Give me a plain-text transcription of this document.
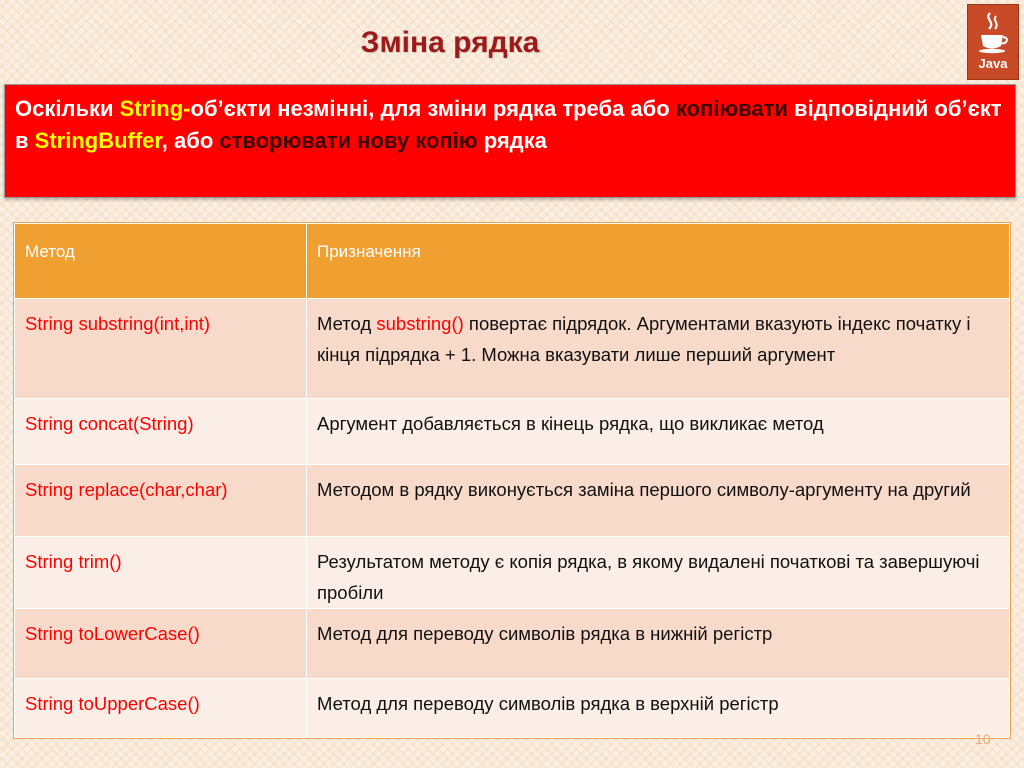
Зміна рядка
Java
Оскільки String-об’єкти незмінні, для зміни рядка треба або копіювати відповідний об’єкт в StringBuffer, або створювати нову копію рядка
Метод	Призначення
String substring(int,int)	Метод substring() повертає підрядок. Аргументами вказують індекс початку і кінця підрядка + 1. Можна вказувати лише перший аргумент
String concat(String)	Аргумент добавляється в кінець рядка, що викликає метод
String replace(char,char)	Методом в рядку виконується заміна першого символу-аргументу на другий
String trim()	Результатом методу є копія рядка, в якому видалені початкові та завершуючі пробіли
String toLowerCase()	Метод для переводу символів рядка в нижній регістр
String toUpperCase()	Метод для переводу символів рядка в верхній регістр
10
